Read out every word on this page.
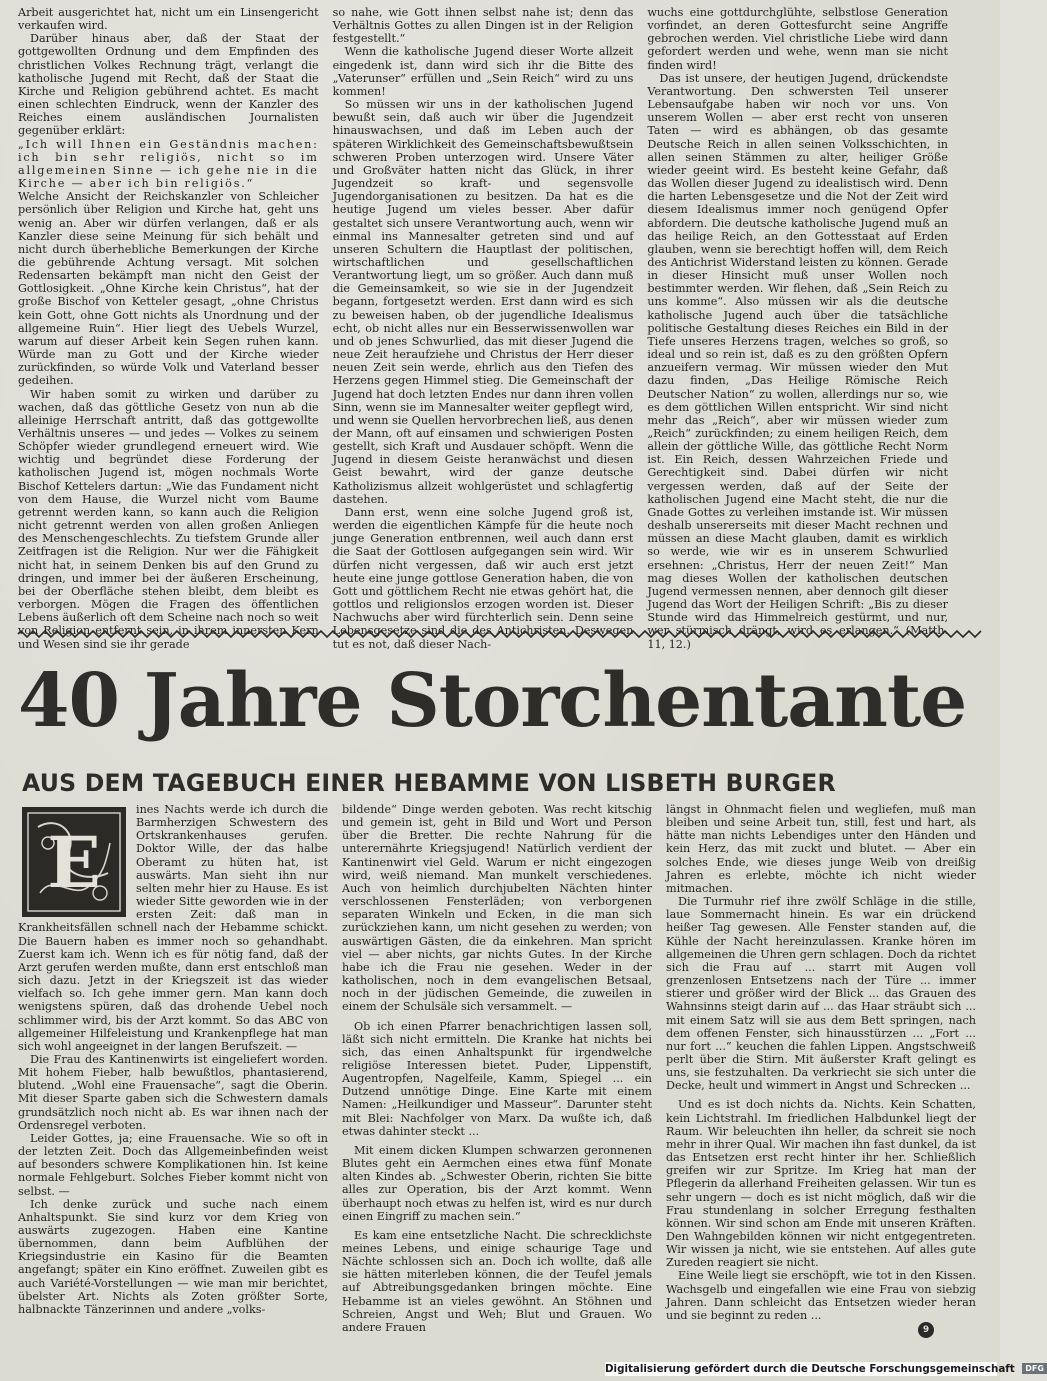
Arbeit ausgerichtet hat, nicht um ein Linsengericht verkaufen wird.

Darüber hinaus aber, daß der Staat der gottgewollten Ordnung und dem Empfinden des christlichen Volkes Rechnung trägt, verlangt die katholische Jugend mit Recht, daß der Staat die Kirche und Religion gebührend achtet. Es macht einen schlechten Eindruck, wenn der Kanzler des Reiches einem ausländischen Journalisten gegenüber erklärt:

„Ich will Ihnen ein Geständnis machen: ich bin sehr religiös, nicht so im allgemeinen Sinne — ich gehe nie in die Kirche — aber ich bin religiös.“

Welche Ansicht der Reichskanzler von Schleicher persönlich über Religion und Kirche hat, geht uns wenig an. Aber wir dürfen verlangen, daß er als Kanzler diese seine Meinung für sich behält und nicht durch überhebliche Bemerkungen der Kirche die gebührende Achtung versagt. Mit solchen Redensarten bekämpft man nicht den Geist der Gottlosigkeit. „Ohne Kirche kein Christus“, hat der große Bischof von Ketteler gesagt, „ohne Christus kein Gott, ohne Gott nichts als Unordnung und der allgemeine Ruin“. Hier liegt des Uebels Wurzel, warum auf dieser Arbeit kein Segen ruhen kann. Würde man zu Gott und der Kirche wieder zurückfinden, so würde Volk und Vaterland besser gedeihen.

Wir haben somit zu wirken und darüber zu wachen, daß das göttliche Gesetz von nun ab die alleinige Herrschaft antritt, daß das gottgewollte Verhältnis unseres — und jedes — Volkes zu seinem Schöpfer wieder grundlegend erneuert wird. Wie wichtig und begründet diese Forderung der katholischen Jugend ist, mögen nochmals Worte Bischof Kettelers dartun: „Wie das Fundament nicht von dem Hause, die Wurzel nicht vom Baume getrennt werden kann, so kann auch die Religion nicht getrennt werden von allen großen Anliegen des Menschengeschlechts. Zu tiefstem Grunde aller Zeitfragen ist die Religion. Nur wer die Fähigkeit nicht hat, in seinem Denken bis auf den Grund zu dringen, und immer bei der äußeren Erscheinung, bei der Oberfläche stehen bleibt, dem bleibt es verborgen. Mögen die Fragen des öffentlichen Lebens äußerlich oft dem Scheine nach noch so weit von Religion entfernt sein, in ihrem innersten Kern und Wesen sind sie ihr gerade

so nahe, wie Gott ihnen selbst nahe ist; denn das Verhältnis Gottes zu allen Dingen ist in der Religion festgestellt.“

Wenn die katholische Jugend dieser Worte allzeit eingedenk ist, dann wird sich ihr die Bitte des „Vaterunser“ erfüllen und „Sein Reich“ wird zu uns kommen!

So müssen wir uns in der katholischen Jugend bewußt sein, daß auch wir über die Jugendzeit hinauswachsen, und daß im Leben auch der späteren Wirklichkeit des Gemeinschaftsbewußtsein schweren Proben unterzogen wird. Unsere Väter und Großväter hatten nicht das Glück, in ihrer Jugendzeit so kraft- und segensvolle Jugendorganisationen zu besitzen. Da hat es die heutige Jugend um vieles besser. Aber dafür gestaltet sich unsere Verantwortung auch, wenn wir einmal ins Mannesalter getreten sind und auf unseren Schultern die Hauptlast der politischen, wirtschaftlichen und gesellschaftlichen Verantwortung liegt, um so größer. Auch dann muß die Gemeinsamkeit, so wie sie in der Jugendzeit begann, fortgesetzt werden. Erst dann wird es sich zu beweisen haben, ob der jugendliche Idealismus echt, ob nicht alles nur ein Besserwissenwollen war und ob jenes Schwurlied, das mit dieser Jugend die neue Zeit heraufziehe und Christus der Herr dieser neuen Zeit sein werde, ehrlich aus den Tiefen des Herzens gegen Himmel stieg. Die Gemeinschaft der Jugend hat doch letzten Endes nur dann ihren vollen Sinn, wenn sie im Mannesalter weiter gepflegt wird, und wenn sie Quellen hervorbrechen ließ, aus denen der Mann, oft auf einsamen und schwierigen Posten gestellt, sich Kraft und Ausdauer schöpft. Wenn die Jugend in diesem Geiste heranwächst und diesen Geist bewahrt, wird der ganze deutsche Katholizismus allzeit wohlgerüstet und schlagfertig dastehen.

Dann erst, wenn eine solche Jugend groß ist, werden die eigentlichen Kämpfe für die heute noch junge Generation entbrennen, weil auch dann erst die Saat der Gottlosen aufgegangen sein wird. Wir dürfen nicht vergessen, daß wir auch erst jetzt heute eine junge gottlose Generation haben, die von Gott und göttlichem Recht nie etwas gehört hat, die gottlos und religionslos erzogen worden ist. Dieser Nachwuchs aber wird fürchterlich sein. Denn seine Lebensgesetze sind die des Antichristen. Deswegen tut es not, daß dieser Nach-

wuchs eine gottdurchglühte, selbstlose Generation vorfindet, an deren Gottesfurcht seine Angriffe gebrochen werden. Viel christliche Liebe wird dann gefordert werden und wehe, wenn man sie nicht finden wird!

Das ist unsere, der heutigen Jugend, drückendste Verantwortung. Den schwersten Teil unserer Lebensaufgabe haben wir noch vor uns. Von unserem Wollen — aber erst recht von unseren Taten — wird es abhängen, ob das gesamte Deutsche Reich in allen seinen Volksschichten, in allen seinen Stämmen zu alter, heiliger Größe wieder geeint wird. Es besteht keine Gefahr, daß das Wollen dieser Jugend zu idealistisch wird. Denn die harten Lebensgesetze und die Not der Zeit wird diesem Idealismus immer noch genügend Opfer abfordern. Die deutsche katholische Jugend muß an das heilige Reich, an den Gottesstaat auf Erden glauben, wenn sie berechtigt hoffen will, dem Reich des Antichrist Widerstand leisten zu können. Gerade in dieser Hinsicht muß unser Wollen noch bestimmter werden. Wir flehen, daß „Sein Reich zu uns komme“. Also müssen wir als die deutsche katholische Jugend auch über die tatsächliche politische Gestaltung dieses Reiches ein Bild in der Tiefe unseres Herzens tragen, welches so groß, so ideal und so rein ist, daß es zu den größten Opfern anzueifern vermag. Wir müssen wieder den Mut dazu finden, „Das Heilige Römische Reich Deutscher Nation“ zu wollen, allerdings nur so, wie es dem göttlichen Willen entspricht. Wir sind nicht mehr das „Reich“, aber wir müssen wieder zum „Reich“ zurückfinden; zu einem heiligen Reich, dem allein der göttliche Wille, das göttliche Recht Norm ist. Ein Reich, dessen Wahrzeichen Friede und Gerechtigkeit sind. Dabei dürfen wir nicht vergessen werden, daß auf der Seite der katholischen Jugend eine Macht steht, die nur die Gnade Gottes zu verleihen imstande ist. Wir müssen deshalb unsererseits mit dieser Macht rechnen und müssen an diese Macht glauben, damit es wirklich so werde, wie wir es in unserem Schwurlied ersehnen: „Christus, Herr der neuen Zeit!“ Man mag dieses Wollen der katholischen deutschen Jugend vermessen nennen, aber dennoch gilt dieser Jugend das Wort der Heiligen Schrift: „Bis zu dieser Stunde wird das Himmelreich gestürmt, und nur, wer stürmisch drängt, wird es erlangen.“ (Matth. 11, 12.)

40 Jahre Storchentante
AUS DEM TAGEBUCH EINER HEBAMME VON LISBETH BURGER
E

ines Nachts werde ich durch die Barmherzigen Schwestern des Ortskrankenhauses gerufen. Doktor Wille, der das halbe Oberamt zu hüten hat, ist auswärts. Man sieht ihn nur selten mehr hier zu Hause. Es ist wieder Sitte geworden wie in der ersten Zeit: daß man in Krankheitsfällen schnell nach der Hebamme schickt. Die Bauern haben es immer noch so gehandhabt. Zuerst kam ich. Wenn ich es für nötig fand, daß der Arzt gerufen werden mußte, dann erst entschloß man sich dazu. Jetzt in der Kriegszeit ist das wieder vielfach so. Ich gehe immer gern. Man kann doch wenigstens spüren, daß das drohende Uebel noch schlimmer wird, bis der Arzt kommt. So das ABC von allgemeiner Hilfeleistung und Krankenpflege hat man sich wohl angeeignet in der langen Berufszeit. —

Die Frau des Kantinenwirts ist eingeliefert worden. Mit hohem Fieber, halb bewußtlos, phantasierend, blutend. „Wohl eine Frauensache“, sagt die Oberin. Mit dieser Sparte gaben sich die Schwestern damals grundsätzlich noch nicht ab. Es war ihnen nach der Ordensregel verboten.

Leider Gottes, ja; eine Frauensache. Wie so oft in der letzten Zeit. Doch das Allgemeinbefinden weist auf besonders schwere Komplikationen hin. Ist keine normale Fehlgeburt. Solches Fieber kommt nicht von selbst. —

Ich denke zurück und suche nach einem Anhaltspunkt. Sie sind kurz vor dem Krieg von auswärts zugezogen. Haben eine Kantine übernommen, dann beim Aufblühen der Kriegsindustrie ein Kasino für die Beamten angefangt; später ein Kino eröffnet. Zuweilen gibt es auch Variété-Vorstellungen — wie man mir berichtet, übelster Art. Nichts als Zoten größter Sorte, halbnackte Tänzerinnen und andere „volks-

bildende“ Dinge werden geboten. Was recht kitschig und gemein ist, geht in Bild und Wort und Person über die Bretter. Die rechte Nahrung für die unterernährte Kriegsjugend! Natürlich verdient der Kantinenwirt viel Geld. Warum er nicht eingezogen wird, weiß niemand. Man munkelt verschiedenes. Auch von heimlich durchjubelten Nächten hinter verschlossenen Fensterläden; von verborgenen separaten Winkeln und Ecken, in die man sich zurückziehen kann, um nicht gesehen zu werden; von auswärtigen Gästen, die da einkehren. Man spricht viel — aber nichts, gar nichts Gutes. In der Kirche habe ich die Frau nie gesehen. Weder in der katholischen, noch in dem evangelischen Betsaal, noch in der jüdischen Gemeinde, die zuweilen in einem der Schulsäle sich versammelt. —

Ob ich einen Pfarrer benachrichtigen lassen soll, läßt sich nicht ermitteln. Die Kranke hat nichts bei sich, das einen Anhaltspunkt für irgendwelche religiöse Interessen bietet. Puder, Lippenstift, Augentropfen, Nagelfeile, Kamm, Spiegel ... ein Dutzend unnötige Dinge. Eine Karte mit einem Namen: „Heilkundiger und Masseur“. Darunter steht mit Blei: Nachfolger von Marx. Da wußte ich, daß etwas dahinter steckt ...

Mit einem dicken Klumpen schwarzen geronnenen Blutes geht ein Aermchen eines etwa fünf Monate alten Kindes ab. „Schwester Oberin, richten Sie bitte alles zur Operation, bis der Arzt kommt. Wenn überhaupt noch etwas zu helfen ist, wird es nur durch einen Eingriff zu machen sein.“

Es kam eine entsetzliche Nacht. Die schrecklichste meines Lebens, und einige schaurige Tage und Nächte schlossen sich an. Doch ich wollte, daß alle sie hätten miterleben können, die der Teufel jemals auf Abtreibungsgedanken bringen möchte. Eine Hebamme ist an vieles gewöhnt. An Stöhnen und Schreien, Angst und Weh; Blut und Grauen. Wo andere Frauen

längst in Ohnmacht fielen und wegliefen, muß man bleiben und seine Arbeit tun, still, fest und hart, als hätte man nichts Lebendiges unter den Händen und kein Herz, das mit zuckt und blutet. — Aber ein solches Ende, wie dieses junge Weib von dreißig Jahren es erlebte, möchte ich nicht wieder mitmachen.

Die Turmuhr rief ihre zwölf Schläge in die stille, laue Sommernacht hinein. Es war ein drückend heißer Tag gewesen. Alle Fenster standen auf, die Kühle der Nacht hereinzulassen. Kranke hören im allgemeinen die Uhren gern schlagen. Doch da richtet sich die Frau auf ... starrt mit Augen voll grenzenlosen Entsetzens nach der Türe ... immer stierer und größer wird der Blick ... das Grauen des Wahnsinns steigt darin auf ... das Haar sträubt sich ... mit einem Satz will sie aus dem Bett springen, nach dem offenen Fenster, sich hinausstürzen ... „Fort ... nur fort ...“ keuchen die fahlen Lippen. Angstschweiß perlt über die Stirn. Mit äußerster Kraft gelingt es uns, sie festzuhalten. Da verkriecht sie sich unter die Decke, heult und wimmert in Angst und Schrecken ...

Und es ist doch nichts da. Nichts. Kein Schatten, kein Lichtstrahl. Im friedlichen Halbdunkel liegt der Raum. Wir beleuchten ihn heller, da schreit sie noch mehr in ihrer Qual. Wir machen ihn fast dunkel, da ist das Entsetzen erst recht hinter ihr her. Schließlich greifen wir zur Spritze. Im Krieg hat man der Pflegerin da allerhand Freiheiten gelassen. Wir tun es sehr ungern — doch es ist nicht möglich, daß wir die Frau stundenlang in solcher Erregung festhalten können. Wir sind schon am Ende mit unseren Kräften. Den Wahngebilden können wir nicht entgegentreten. Wir wissen ja nicht, wie sie entstehen. Auf alles gute Zureden reagiert sie nicht.

Eine Weile liegt sie erschöpft, wie tot in den Kissen. Wachsgelb und eingefallen wie eine Frau von siebzig Jahren. Dann schleicht das Entsetzen wieder heran und sie beginnt zu reden ...

9
Digitalisierung gefördert durch die Deutsche Forschungsgemeinschaft DFG
